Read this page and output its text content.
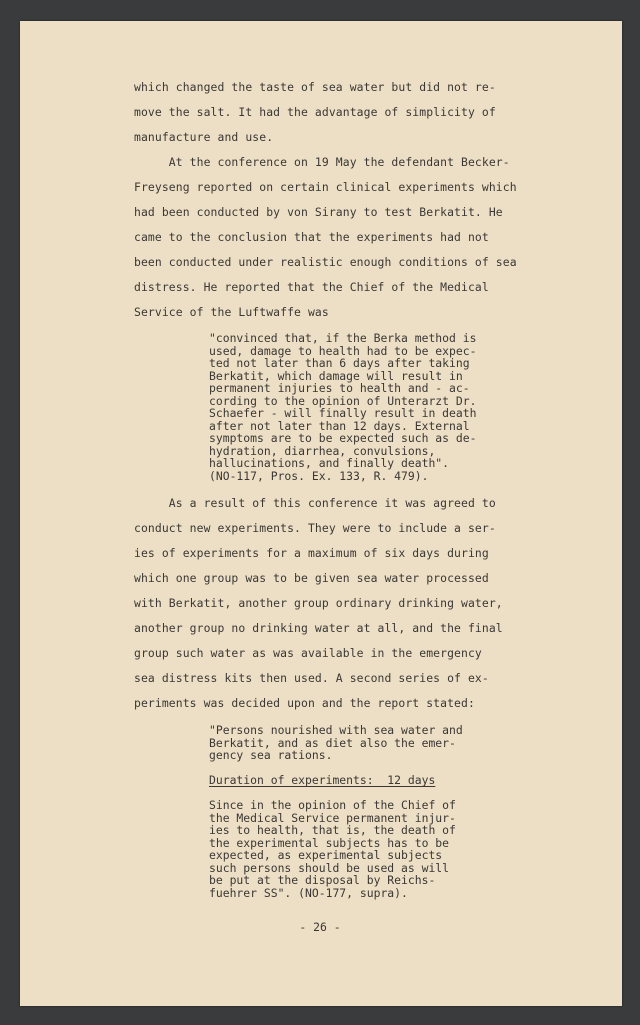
which changed the taste of sea water but did not re-
move the salt. It had the advantage of simplicity of
manufacture and use.
At the conference on 19 May the defendant Becker-
Freyseng reported on certain clinical experiments which
had been conducted by von Sirany to test Berkatit. He
came to the conclusion that the experiments had not
been conducted under realistic enough conditions of sea
distress. He reported that the Chief of the Medical
Service of the Luftwaffe was
"convinced that, if the Berka method is
used, damage to health had to be expec-
ted not later than 6 days after taking
Berkatit, which damage will result in
permanent injuries to health and - ac-
cording to the opinion of Unterarzt Dr.
Schaefer - will finally result in death
after not later than 12 days. External
symptoms are to be expected such as de-
hydration, diarrhea, convulsions,
hallucinations, and finally death".
(NO-117, Pros. Ex. 133, R. 479).
As a result of this conference it was agreed to
conduct new experiments. They were to include a ser-
ies of experiments for a maximum of six days during
which one group was to be given sea water processed
with Berkatit, another group ordinary drinking water,
another group no drinking water at all, and the final
group such water as was available in the emergency
sea distress kits then used. A second series of ex-
periments was decided upon and the report stated:
"Persons nourished with sea water and
Berkatit, and as diet also the emer-
gency sea rations.
Duration of experiments:  12 days
Since in the opinion of the Chief of
the Medical Service permanent injur-
ies to health, that is, the death of
the experimental subjects has to be
expected, as experimental subjects
such persons should be used as will
be put at the disposal by Reichs-
fuehrer SS". (NO-177, supra).
- 26 -
